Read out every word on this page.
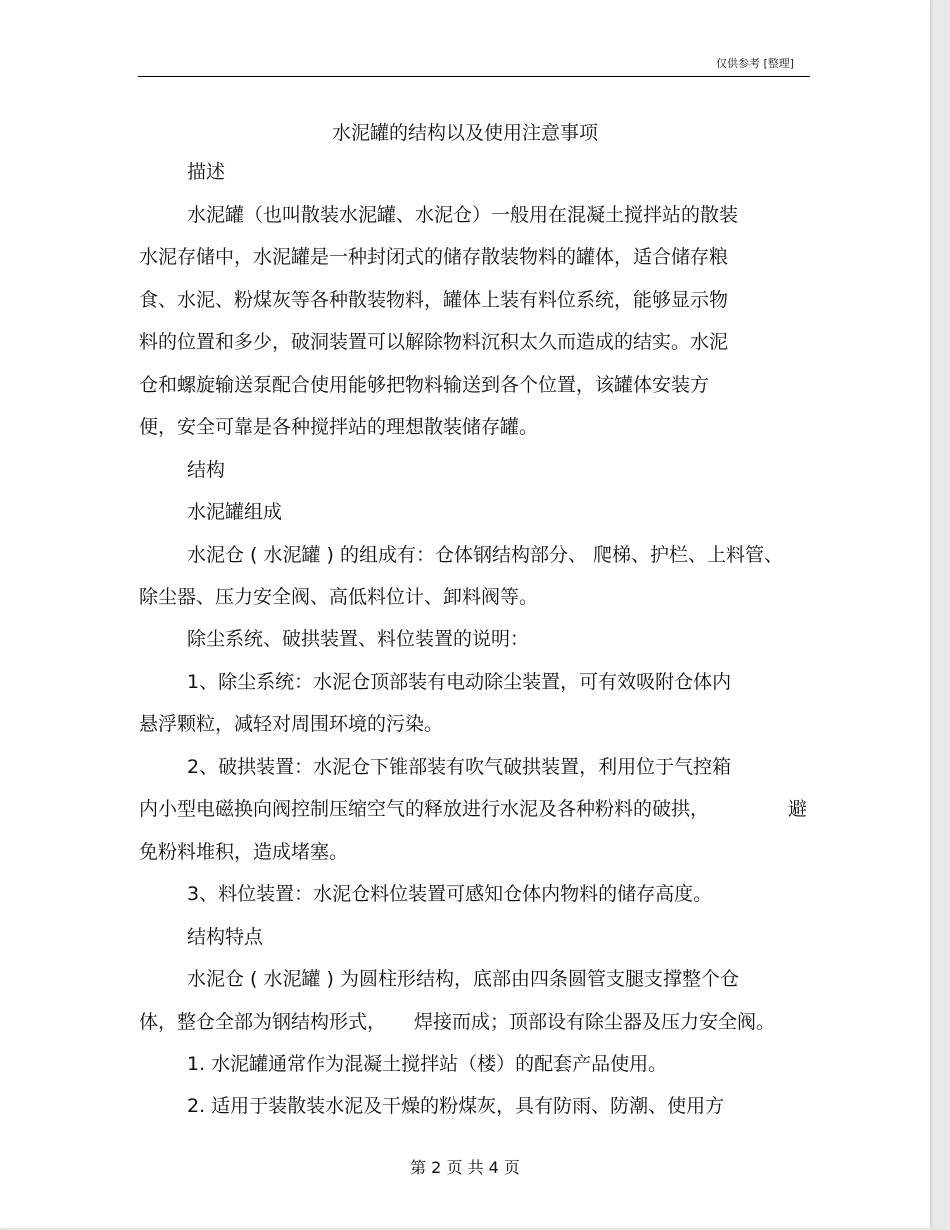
仅供参考 [整理]
水泥罐的结构以及使用注意事项
描述
水泥罐（也叫散装水泥罐、水泥仓）一般用在混凝土搅拌站的散装
水泥存储中，水泥罐是一种封闭式的储存散装物料的罐体，适合储存粮
食、水泥、粉煤灰等各种散装物料，罐体上装有料位系统，能够显示物
料的位置和多少，破洞装置可以解除物料沉积太久而造成的结实。水泥
仓和螺旋输送泵配合使用能够把物料输送到各个位置，该罐体安装方
便，安全可靠是各种搅拌站的理想散装储存罐。
结构
水泥罐组成
水泥仓 ( 水泥罐 ) 的组成有：仓体钢结构部分、 爬梯、护栏、上料管、
除尘器、压力安全阀、高低料位计、卸料阀等。
除尘系统、破拱装置、料位装置的说明：
1、除尘系统：水泥仓顶部装有电动除尘装置，可有效吸附仓体内
悬浮颗粒，减轻对周围环境的污染。
2、破拱装置：水泥仓下锥部装有吹气破拱装置，利用位于气控箱
内小型电磁换向阀控制压缩空气的释放进行水泥及各种粉料的破拱，	避
免粉料堆积，造成堵塞。
3、料位装置：水泥仓料位装置可感知仓体内物料的储存高度。
结构特点
水泥仓 ( 水泥罐 ) 为圆柱形结构，底部由四条圆管支腿支撑整个仓
体，整仓全部为钢结构形式， 焊接而成；顶部设有除尘器及压力安全阀。
1. 水泥罐通常作为混凝土搅拌站（楼）的配套产品使用。
2. 适用于装散装水泥及干燥的粉煤灰，具有防雨、防潮、使用方
第 2 页 共 4 页
